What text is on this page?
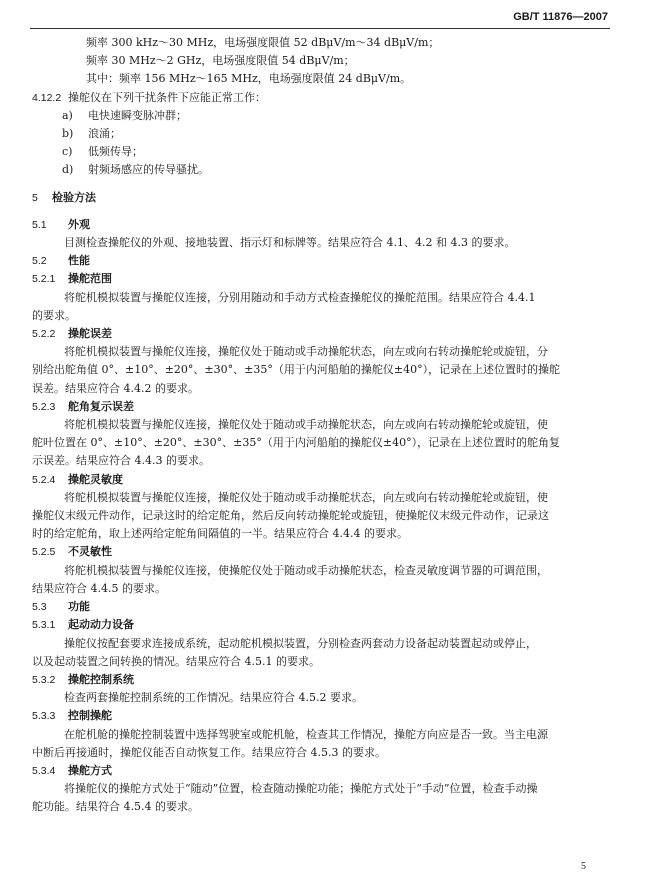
GB/T 11876—2007
频率 300 kHz～30 MHz，电场强度限值 52 dBμV/m～34 dBμV/m；
频率 30 MHz～2 GHz，电场强度限值 54 dBμV/m；
其中：频率 156 MHz～165 MHz，电场强度限值 24 dBμV/m。
4.12.2 操舵仪在下列干扰条件下应能正常工作：
a) 电快速瞬变脉冲群；
b) 浪涌；
c) 低频传导；
d) 射频场感应的传导骚扰。
5 检验方法
5.1 外观
目测检查操舵仪的外观、接地装置、指示灯和标牌等。结果应符合 4.1、4.2 和 4.3 的要求。
5.2 性能
5.2.1 操舵范围
将舵机模拟装置与操舵仪连接，分别用随动和手动方式检查操舵仪的操舵范围。结果应符合 4.4.1
的要求。
5.2.2 操舵误差
将舵机模拟装置与操舵仪连接，操舵仪处于随动或手动操舵状态，向左或向右转动操舵轮或旋钮，分
别给出舵角值 0°、±10°、±20°、±30°、±35°（用于内河船舶的操舵仪±40°），记录在上述位置时的操舵
误差。结果应符合 4.4.2 的要求。
5.2.3 舵角复示误差
将舵机模拟装置与操舵仪连接，操舵仪处于随动或手动操舵状态，向左或向右转动操舵轮或旋钮，使
舵叶位置在 0°、±10°、±20°、±30°、±35°（用于内河船舶的操舵仪±40°），记录在上述位置时的舵角复
示误差。结果应符合 4.4.3 的要求。
5.2.4 操舵灵敏度
将舵机模拟装置与操舵仪连接，操舵仪处于随动或手动操舵状态，向左或向右转动操舵轮或旋钮，使
操舵仪末级元件动作，记录这时的给定舵角，然后反向转动操舵轮或旋钮，使操舵仪末级元件动作，记录这
时的给定舵角，取上述两给定舵角间隔值的一半。结果应符合 4.4.4 的要求。
5.2.5 不灵敏性
将舵机模拟装置与操舵仪连接，使操舵仪处于随动或手动操舵状态，检查灵敏度调节器的可调范围，
结果应符合 4.4.5 的要求。
5.3 功能
5.3.1 起动动力设备
操舵仪按配套要求连接成系统，起动舵机模拟装置，分别检查两套动力设备起动装置起动或停止，
以及起动装置之间转换的情况。结果应符合 4.5.1 的要求。
5.3.2 操舵控制系统
检查两套操舵控制系统的工作情况。结果应符合 4.5.2 要求。
5.3.3 控制操舵
在舵机舱的操舵控制装置中选择驾驶室或舵机舱，检查其工作情况，操舵方向应是否一致。当主电源
中断后再接通时，操舵仪能否自动恢复工作。结果应符合 4.5.3 的要求。
5.3.4 操舵方式
将操舵仪的操舵方式处于“随动”位置，检查随动操舵功能；操舵方式处于“手动”位置，检查手动操
舵功能。结果符合 4.5.4 的要求。
5
